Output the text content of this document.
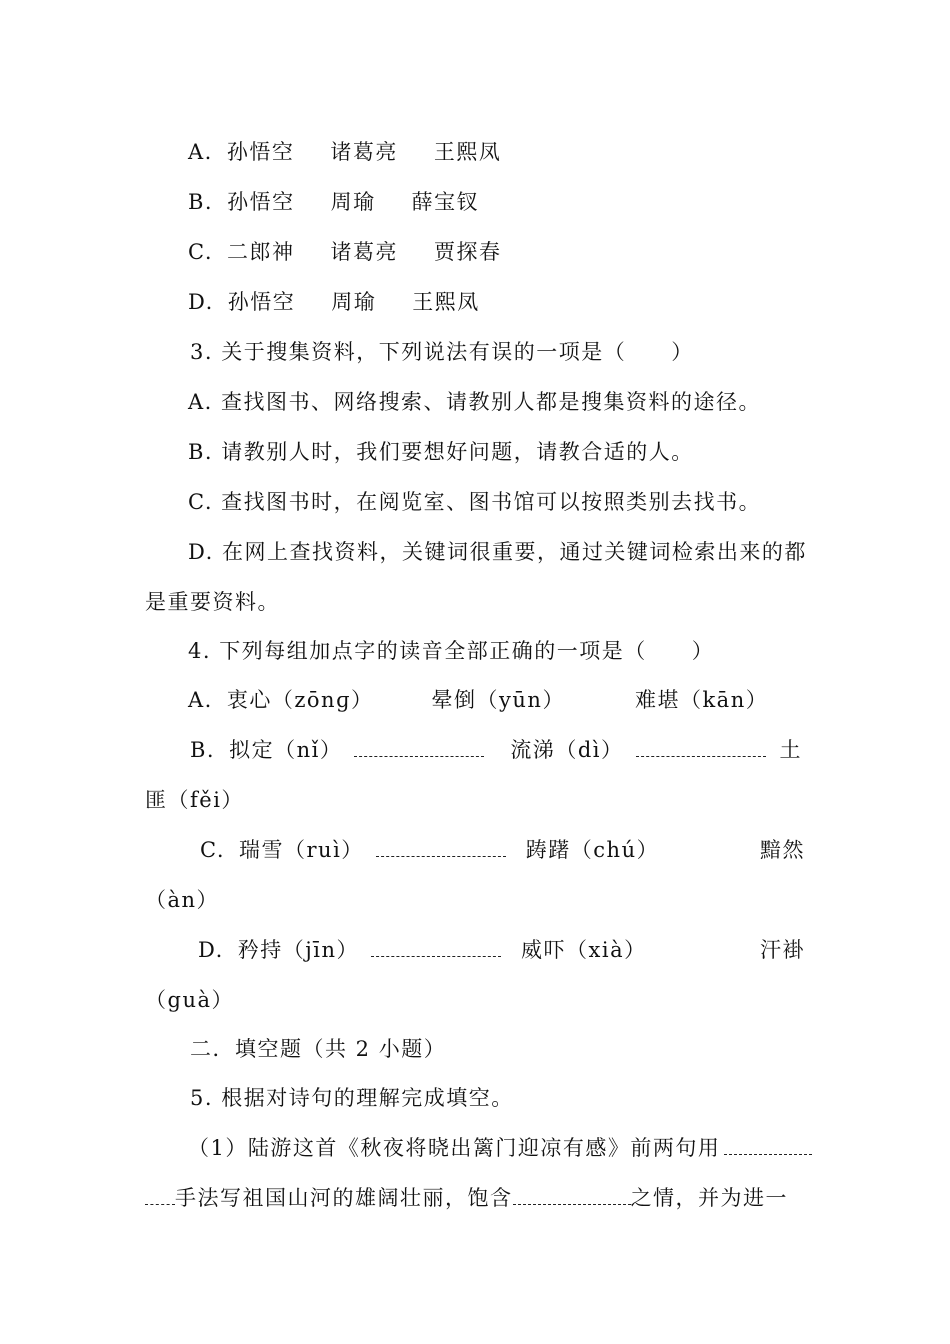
A. 孙悟空 诸葛亮 王熙凤
B. 孙悟空 周瑜 薛宝钗
C. 二郎神 诸葛亮 贾探春
D. 孙悟空 周瑜 王熙凤
3. 关于搜集资料，下列说法有误的一项是（　　）
A. 查找图书、网络搜索、请教别人都是搜集资料的途径。
B. 请教别人时，我们要想好问题，请教合适的人。
C. 查找图书时，在阅览室、图书馆可以按照类别去找书。
D. 在网上查找资料，关键词很重要，通过关键词检索出来的都
是重要资料。
4. 下列每组加点字的读音全部正确的一项是（　　）
A. 衷心（zōnɡ）	晕倒（yūn）	难堪（kān）
B. 拟定（nǐ）	流涕（dì）	土
匪（fěi）
C. 瑞雪（ruì）	踌躇（chú）	黯然
（àn）
D. 矜持（jīn）	威吓（xià）	汗褂
（guà）
二．填空题（共 2 小题）
5. 根据对诗句的理解完成填空。
（1）陆游这首《秋夜将晓出篱门迎凉有感》前两句用
手法写祖国山河的雄阔壮丽，饱含	之情，并为进一
